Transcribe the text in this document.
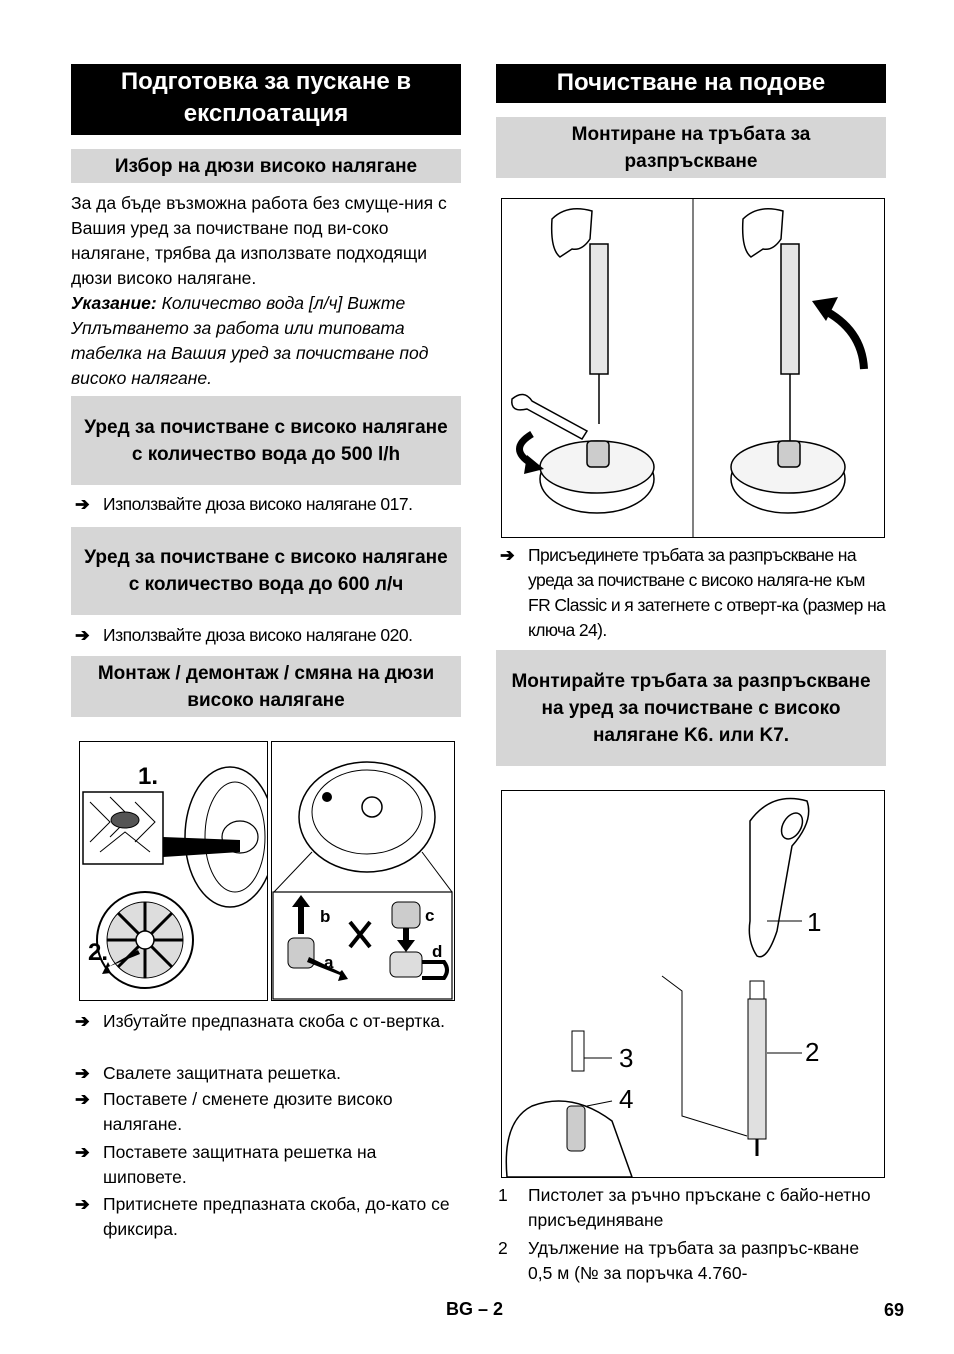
Подготовка за пускане в експлоатация
Избор на дюзи високо налягане
За да бъде възможна работа без смуще-ния с Вашия уред за почистване под ви-соко налягане, трябва да използвате подходящи дюзи високо налягане.
Указание: Количество вода [л/ч] Вижте Уплътването за работа или типовата табелка на Вашия уред за почистване под високо налягане.
Уред за почистване с високо налягане с количество вода до 500 l/h
➔ Използвайте дюза високо налягане 017.
Уред за почистване с високо налягане с количество вода до 600 л/ч
➔ Използвайте дюза високо налягане 020.
Монтаж / демонтаж / смяна на дюзи високо налягане
1.
2.
b	c
a
d
➔ Избутайте предпазната скоба с от-вертка.
➔ Свалете защитната решетка.
➔ Поставете / сменете дюзите високо налягане.
➔ Поставете защитната решетка на шиповете.
➔ Притиснете предпазната скоба, до-като се фиксира.
Почистване на подове
Монтиране на тръбата за разпръскване
➔ Присъединете тръбата за разпръскване на уреда за почистване с високо наляга-не към FR Classic и я затегнете с отверт-ка (размер на ключа 24).
Монтирайте тръбата за разпръскване на уред за почистване с високо налягане K6. или K7.
1
2
3
4
1 Пистолет за ръчно пръскане с байо-нетно присъединяване
2 Удължение на тръбата за разпръс-кване 0,5 м (№ за поръчка 4.760-
BG – 2	69
